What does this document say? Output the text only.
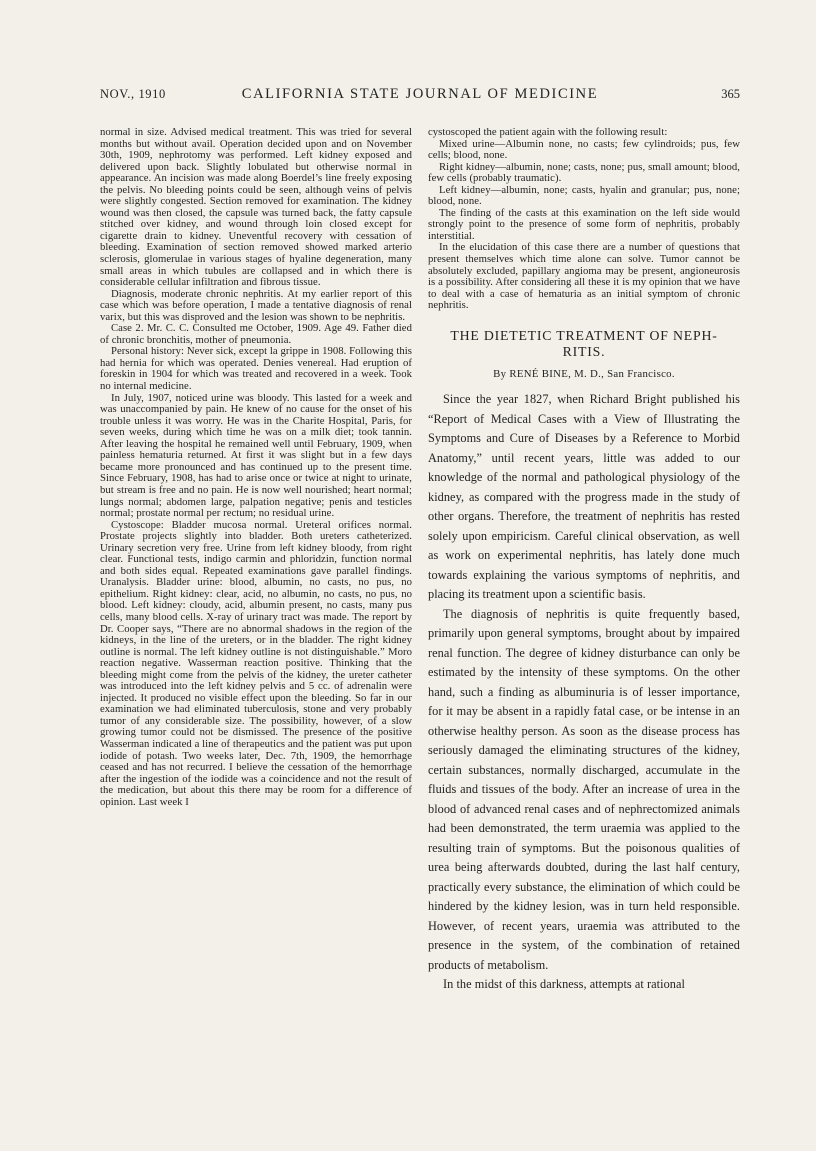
NOV., 1910	CALIFORNIA STATE JOURNAL OF MEDICINE	365

normal in size. Advised medical treatment. This was tried for several months but without avail. Operation decided upon and on November 30th, 1909, nephrotomy was performed. Left kidney exposed and delivered upon back. Slightly lobulated but otherwise normal in appearance. An incision was made along Boerdel’s line freely exposing the pelvis. No bleeding points could be seen, although veins of pelvis were slightly congested. Section removed for examination. The kidney wound was then closed, the capsule was turned back, the fatty capsule stitched over kidney, and wound through loin closed except for cigarette drain to kidney. Uneventful recovery with cessation of bleeding. Examination of section removed showed marked arterio sclerosis, glomerulae in various stages of hyaline degeneration, many small areas in which tubules are collapsed and in which there is considerable cellular infiltration and fibrous tissue.

Diagnosis, moderate chronic nephritis. At my earlier report of this case which was before operation, I made a tentative diagnosis of renal varix, but this was disproved and the lesion was shown to be nephritis.

Case 2. Mr. C. C. Consulted me October, 1909. Age 49. Father died of chronic bronchitis, mother of pneumonia.

Personal history: Never sick, except la grippe in 1908. Following this had hernia for which was operated. Denies venereal. Had eruption of foreskin in 1904 for which was treated and recovered in a week. Took no internal medicine.

In July, 1907, noticed urine was bloody. This lasted for a week and was unaccompanied by pain. He knew of no cause for the onset of his trouble unless it was worry. He was in the Charite Hospital, Paris, for seven weeks, during which time he was on a milk diet; took tannin. After leaving the hospital he remained well until February, 1909, when painless hematuria returned. At first it was slight but in a few days became more pronounced and has continued up to the present time. Since February, 1908, has had to arise once or twice at night to urinate, but stream is free and no pain. He is now well nourished; heart normal; lungs normal; abdomen large, palpation negative; penis and testicles normal; prostate normal per rectum; no residual urine.

Cystoscope: Bladder mucosa normal. Ureteral orifices normal. Prostate projects slightly into bladder. Both ureters catheterized. Urinary secretion very free. Urine from left kidney bloody, from right clear. Functional tests, indigo carmin and phloridzin, function normal and both sides equal. Repeated examinations gave parallel findings. Uranalysis. Bladder urine: blood, albumin, no casts, no pus, no epithelium. Right kidney: clear, acid, no albumin, no casts, no pus, no blood. Left kidney: cloudy, acid, albumin present, no casts, many pus cells, many blood cells. X-ray of urinary tract was made. The report by Dr. Cooper says, “There are no abnormal shadows in the region of the kidneys, in the line of the ureters, or in the bladder. The right kidney outline is normal. The left kidney outline is not distinguishable.” Moro reaction negative. Wasserman reaction positive. Thinking that the bleeding might come from the pelvis of the kidney, the ureter catheter was introduced into the left kidney pelvis and 5 cc. of adrenalin were injected. It produced no visible effect upon the bleeding. So far in our examination we had eliminated tuberculosis, stone and very probably tumor of any considerable size. The possibility, however, of a slow growing tumor could not be dismissed. The presence of the positive Wasserman indicated a line of therapeutics and the patient was put upon iodide of potash. Two weeks later, Dec. 7th, 1909, the hemorrhage ceased and has not recurred. I believe the cessation of the hemorrhage after the ingestion of the iodide was a coincidence and not the result of the medication, but about this there may be room for a difference of opinion. Last week I

cystoscoped the patient again with the following result:

Mixed urine—Albumin none, no casts; few cylindroids; pus, few cells; blood, none.

Right kidney—albumin, none; casts, none; pus, small amount; blood, few cells (probably traumatic).

Left kidney—albumin, none; casts, hyalin and granular; pus, none; blood, none.

The finding of the casts at this examination on the left side would strongly point to the presence of some form of nephritis, probably interstitial.

In the elucidation of this case there are a number of questions that present themselves which time alone can solve. Tumor cannot be absolutely excluded, papillary angioma may be present, angioneurosis is a possibility. After considering all these it is my opinion that we have to deal with a case of hematuria as an initial symptom of chronic nephritis.

THE DIETETIC TREATMENT OF NEPH-
RITIS.
By RENÉ BINE, M. D., San Francisco.

Since the year 1827, when Richard Bright published his “Report of Medical Cases with a View of Illustrating the Symptoms and Cure of Diseases by a Reference to Morbid Anatomy,” until recent years, little was added to our knowledge of the normal and pathological physiology of the kidney, as compared with the progress made in the study of other organs. Therefore, the treatment of nephritis has rested solely upon empiricism. Careful clinical observation, as well as work on experimental nephritis, has lately done much towards explaining the various symptoms of nephritis, and placing its treatment upon a scientific basis.

The diagnosis of nephritis is quite frequently based, primarily upon general symptoms, brought about by impaired renal function. The degree of kidney disturbance can only be estimated by the intensity of these symptoms. On the other hand, such a finding as albuminuria is of lesser importance, for it may be absent in a rapidly fatal case, or be intense in an otherwise healthy person. As soon as the disease process has seriously damaged the eliminating structures of the kidney, certain substances, normally discharged, accumulate in the fluids and tissues of the body. After an increase of urea in the blood of advanced renal cases and of nephrectomized animals had been demonstrated, the term uraemia was applied to the resulting train of symptoms. But the poisonous qualities of urea being afterwards doubted, during the last half century, practically every substance, the elimination of which could be hindered by the kidney lesion, was in turn held responsible. However, of recent years, uraemia was attributed to the presence in the system, of the combination of retained products of metabolism.

In the midst of this darkness, attempts at rational
